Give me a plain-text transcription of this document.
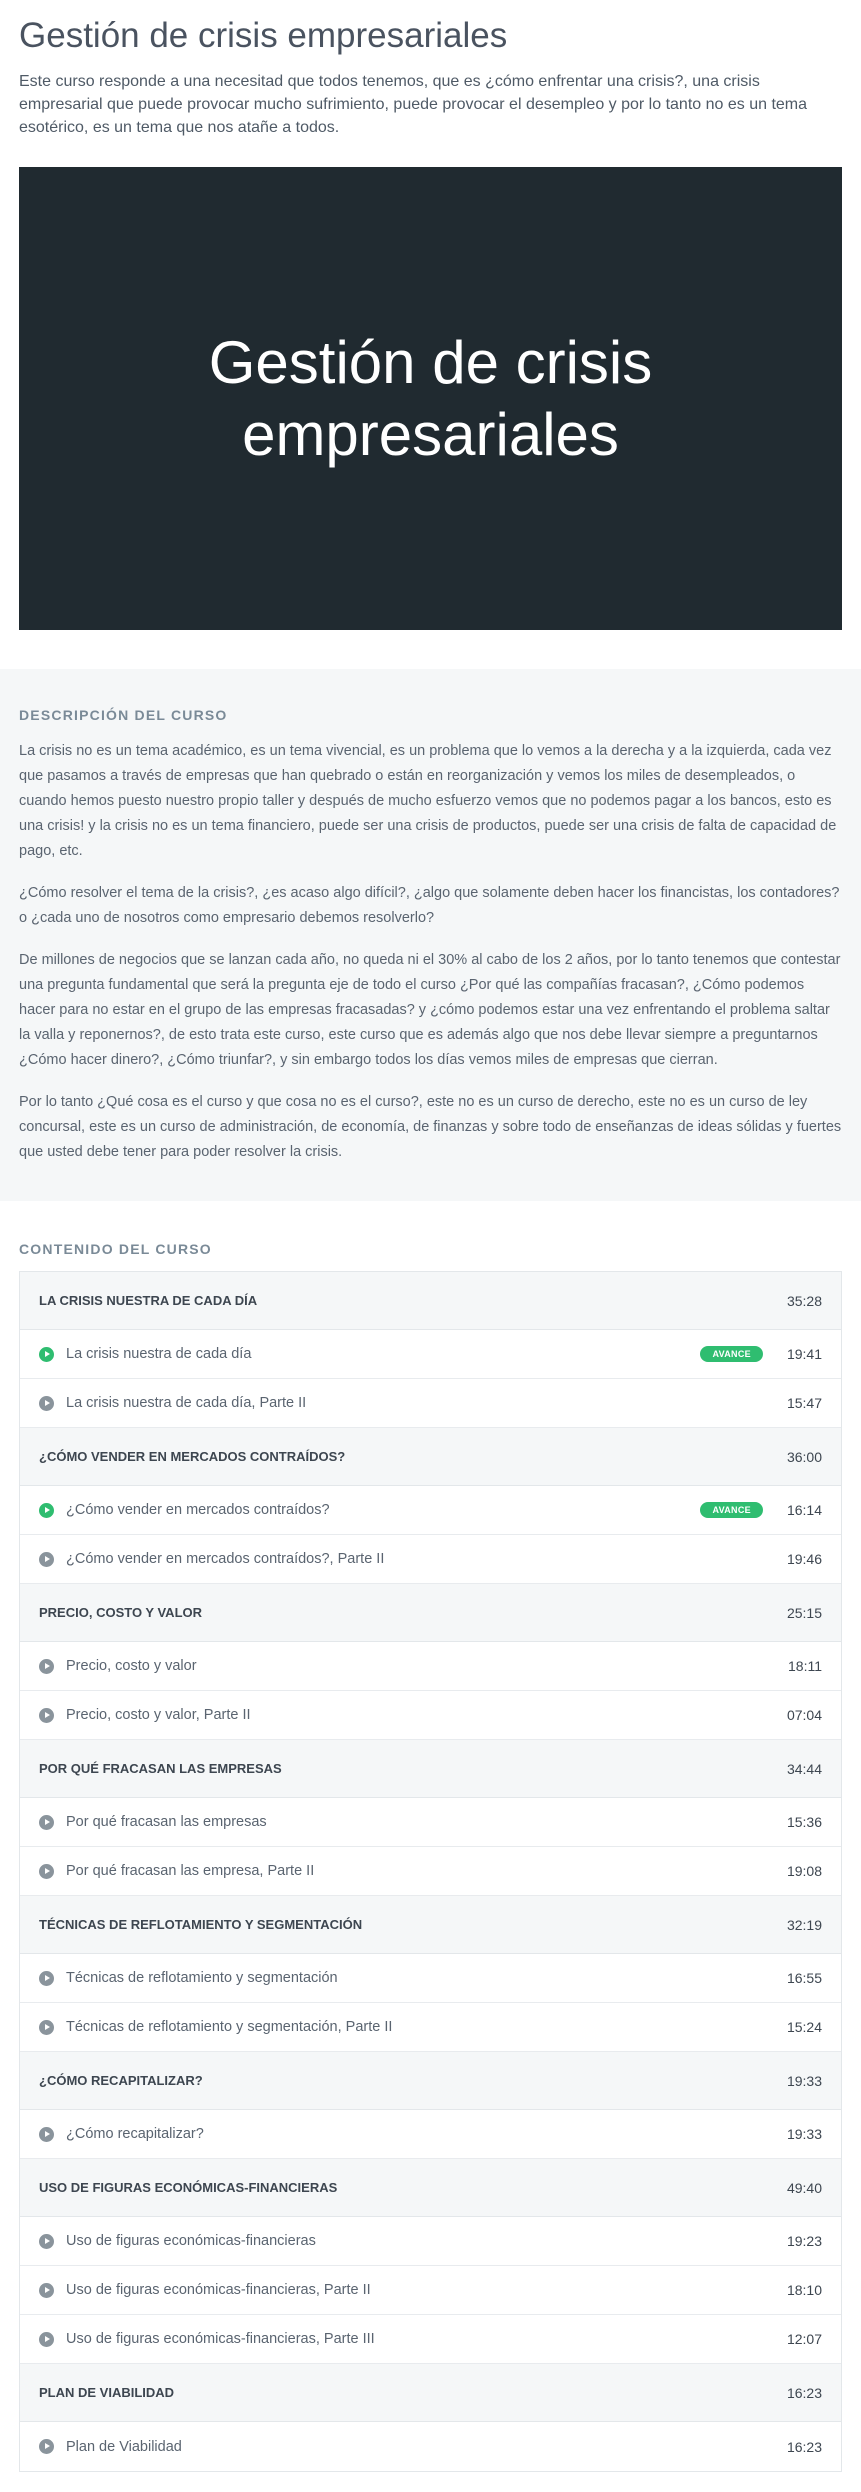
Gestión de crisis empresariales

Este curso responde a una necesitad que todos tenemos, que es ¿cómo enfrentar una crisis?, una crisis empresarial que puede provocar mucho sufrimiento, puede provocar el desempleo y por lo tanto no es un tema esotérico, es un tema que nos atañe a todos.

Gestión de crisis empresariales
DESCRIPCIÓN DEL CURSO

La crisis no es un tema académico, es un tema vivencial, es un problema que lo vemos a la derecha y a la izquierda, cada vez que pasamos a través de empresas que han quebrado o están en reorganización y vemos los miles de desempleados, o cuando hemos puesto nuestro propio taller y después de mucho esfuerzo vemos que no podemos pagar a los bancos, esto es una crisis! y la crisis no es un tema financiero, puede ser una crisis de productos, puede ser una crisis de falta de capacidad de pago, etc.

¿Cómo resolver el tema de la crisis?, ¿es acaso algo difícil?, ¿algo que solamente deben hacer los financistas, los contadores? o ¿cada uno de nosotros como empresario debemos resolverlo?

De millones de negocios que se lanzan cada año, no queda ni el 30% al cabo de los 2 años, por lo tanto tenemos que contestar una pregunta fundamental que será la pregunta eje de todo el curso ¿Por qué las compañías fracasan?, ¿Cómo podemos hacer para no estar en el grupo de las empresas fracasadas? y ¿cómo podemos estar una vez enfrentando el problema saltar la valla y reponernos?, de esto trata este curso, este curso que es además algo que nos debe llevar siempre a preguntarnos ¿Cómo hacer dinero?, ¿Cómo triunfar?, y sin embargo todos los días vemos miles de empresas que cierran.

Por lo tanto ¿Qué cosa es el curso y que cosa no es el curso?, este no es un curso de derecho, este no es un curso de ley concursal, este es un curso de administración, de economía, de finanzas y sobre todo de enseñanzas de ideas sólidas y fuertes que usted debe tener para poder resolver la crisis.

CONTENIDO DEL CURSO
LA CRISIS NUESTRA DE CADA DÍA	35:28
La crisis nuestra de cada día	AVANCE	19:41
La crisis nuestra de cada día, Parte II	15:47
¿CÓMO VENDER EN MERCADOS CONTRAÍDOS?	36:00
¿Cómo vender en mercados contraídos?	AVANCE	16:14
¿Cómo vender en mercados contraídos?, Parte II	19:46
PRECIO, COSTO Y VALOR	25:15
Precio, costo y valor	18:11
Precio, costo y valor, Parte II	07:04
POR QUÉ FRACASAN LAS EMPRESAS	34:44
Por qué fracasan las empresas	15:36
Por qué fracasan las empresa, Parte II	19:08
TÉCNICAS DE REFLOTAMIENTO Y SEGMENTACIÓN	32:19
Técnicas de reflotamiento y segmentación	16:55
Técnicas de reflotamiento y segmentación, Parte II	15:24
¿CÓMO RECAPITALIZAR?	19:33
¿Cómo recapitalizar?	19:33
USO DE FIGURAS ECONÓMICAS-FINANCIERAS	49:40
Uso de figuras económicas-financieras	19:23
Uso de figuras económicas-financieras, Parte II	18:10
Uso de figuras económicas-financieras, Parte III	12:07
PLAN DE VIABILIDAD	16:23
Plan de Viabilidad	16:23
